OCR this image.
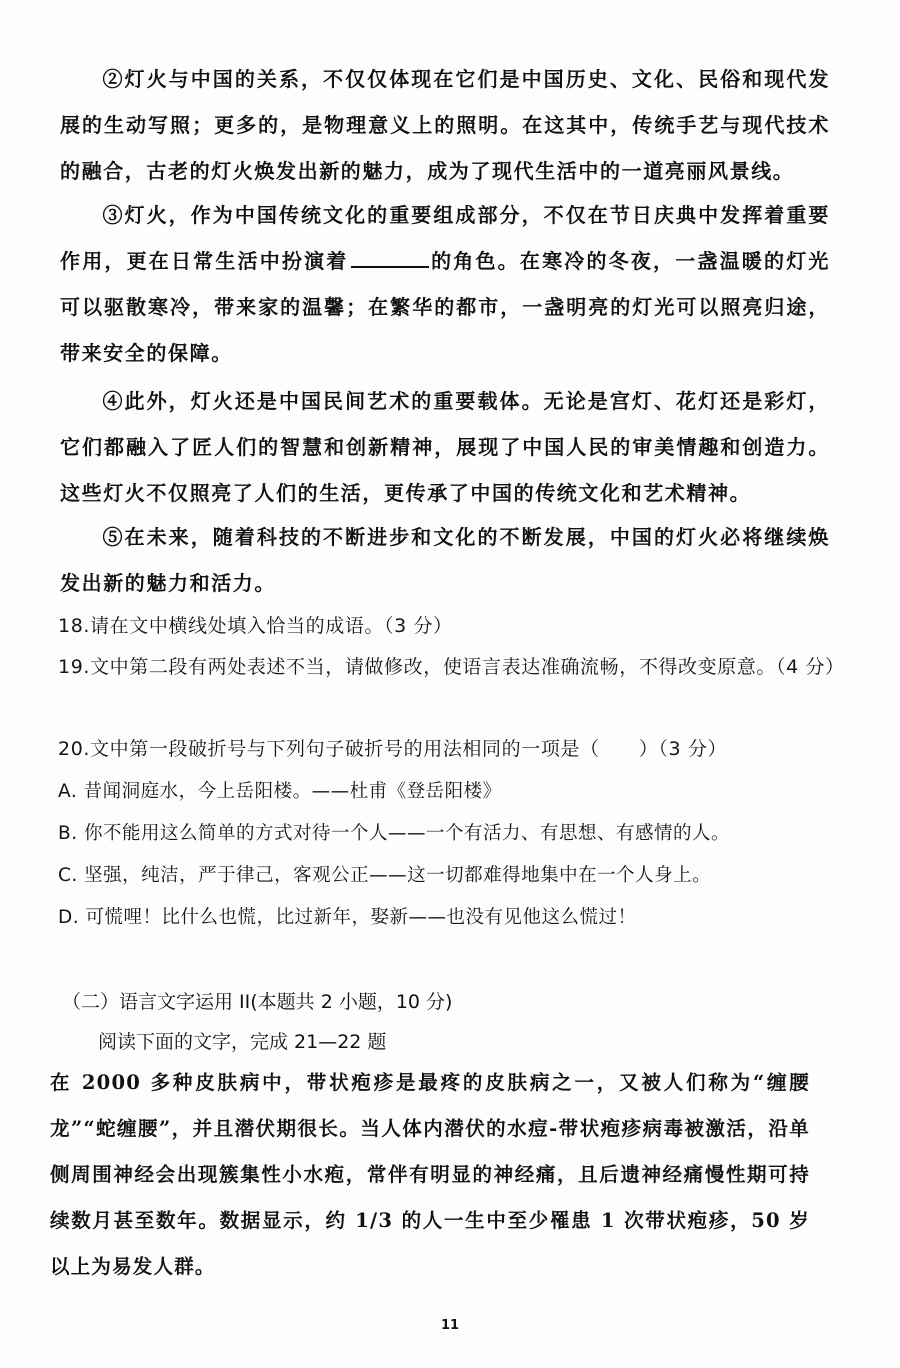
②灯火与中国的关系，不仅仅体现在它们是中国历史、文化、民俗和现代发展的生动写照；更多的，是物理意义上的照明。在这其中，传统手艺与现代技术的融合，古老的灯火焕发出新的魅力，成为了现代生活中的一道亮丽风景线。

③灯火，作为中国传统文化的重要组成部分，不仅在节日庆典中发挥着重要作用，更在日常生活中扮演着	的角色。在寒冷的冬夜，一盏温暖的灯光可以驱散寒冷，带来家的温馨；在繁华的都市，一盏明亮的灯光可以照亮归途，带来安全的保障。

④此外，灯火还是中国民间艺术的重要载体。无论是宫灯、花灯还是彩灯，它们都融入了匠人们的智慧和创新精神，展现了中国人民的审美情趣和创造力。这些灯火不仅照亮了人们的生活，更传承了中国的传统文化和艺术精神。

⑤在未来，随着科技的不断进步和文化的不断发展，中国的灯火必将继续焕发出新的魅力和活力。

18.请在文中横线处填入恰当的成语。（3 分）

19.文中第二段有两处表述不当，请做修改，使语言表达准确流畅，不得改变原意。（4 分）

20.文中第一段破折号与下列句子破折号的用法相同的一项是（　　）（3 分）

A. 昔闻洞庭水，今上岳阳楼。——杜甫《登岳阳楼》

B. 你不能用这么简单的方式对待一个人——一个有活力、有思想、有感情的人。

C. 坚强，纯洁，严于律己，客观公正——这一切都难得地集中在一个人身上。

D. 可慌哩！比什么也慌，比过新年，娶新——也没有见他这么慌过！

（二）语言文字运用 II(本题共 2 小题，10 分)

阅读下面的文字，完成 21—22 题

在 2000 多种皮肤病中，带状疱疹是最疼的皮肤病之一，又被人们称为“缠腰龙”“蛇缠腰”，并且潜伏期很长。当人体内潜伏的水痘-带状疱疹病毒被激活，沿单侧周围神经会出现簇集性小水疱，常伴有明显的神经痛，且后遗神经痛慢性期可持续数月甚至数年。数据显示，约 1/3 的人一生中至少罹患 1 次带状疱疹，50 岁以上为易发人群。

11
